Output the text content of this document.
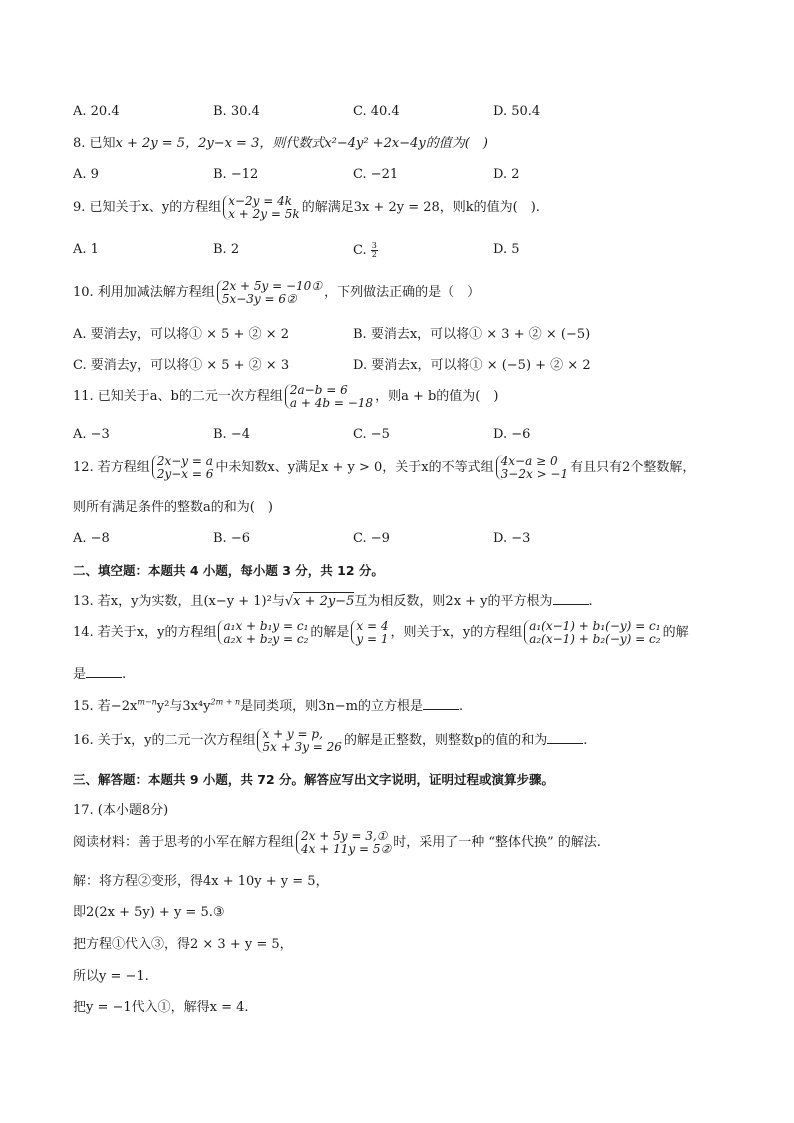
A. 20.4	B. 30.4	C. 40.4	D. 50.4
8. 已知x + 2y = 5，2y−x = 3，则代数式x²−4y² +2x−4y的值为(　)
A. 9	B. −12	C. −21	D. 2
9. 已知关于x、y的方程组 x−2y = 4k
x + 2y = 5k 的解满足3x + 2y = 28，则k的值为(　).
A. 1	B. 2	C. $\frac{3}{2}$	D. 5
10. 利用加减法解方程组 2x + 5y = −10①
5x−3y = 6②	，下列做法正确的是（　）
A. 要消去y，可以将① × 5 + ② × 2	B. 要消去x，可以将① × 3 + ② × (−5)
C. 要消去y，可以将① × 5 + ② × 3	D. 要消去x，可以将① × (−5) + ② × 2
11. 已知关于a、b的二元一次方程组 2a−b = 6
a + 4b = −18 ，则a + b的值为(　)
A. −3	B. −4	C. −5	D. −6
12. 若方程组 2x−y = a
2y−x = 6 中未知数x、y满足x + y > 0，关于x的不等式组 4x−a ≥ 0
3−2x > −1 有且只有2个整数解，
则所有满足条件的整数a的和为(　)
A. −8	B. −6	C. −9	D. −3
二、填空题：本题共 4 小题，每小题 3 分，共 12 分。
13. 若x，y为实数，且(x−y + 1)²与√x + 2y−5互为相反数，则2x + y的平方根为	.
14. 若关于x，y的方程组 a₁x + b₁y = c₁
a₂x + b₂y = c₂ 的解是 x = 4
y = 1 ，则关于x，y的方程组 a₁(x−1) + b₁(−y) = c₁
a₂(x−1) + b₂(−y) = c₂ 的解
是	.
15. 若$-2x^{m-n}y^2$与$3x^4y^{2m + n}$是同类项，则3n−m的立方根是	.
16. 关于x，y的二元一次方程组 x + y = p,
5x + 3y = 26 的解是正整数，则整数p的值的和为	.
三、解答题：本题共 9 小题，共 72 分。解答应写出文字说明，证明过程或演算步骤。
17. (本小题8分)
阅读材料：善于思考的小军在解方程组 2x + 5y = 3,①
4x + 11y = 5② 时，采用了一种 “整体代换” 的解法.
解：将方程②变形，得4x + 10y + y = 5，
即2(2x + 5y) + y = 5.③
把方程①代入③，得2 × 3 + y = 5，
所以y = −1.
把y = −1代入①，解得x = 4.
